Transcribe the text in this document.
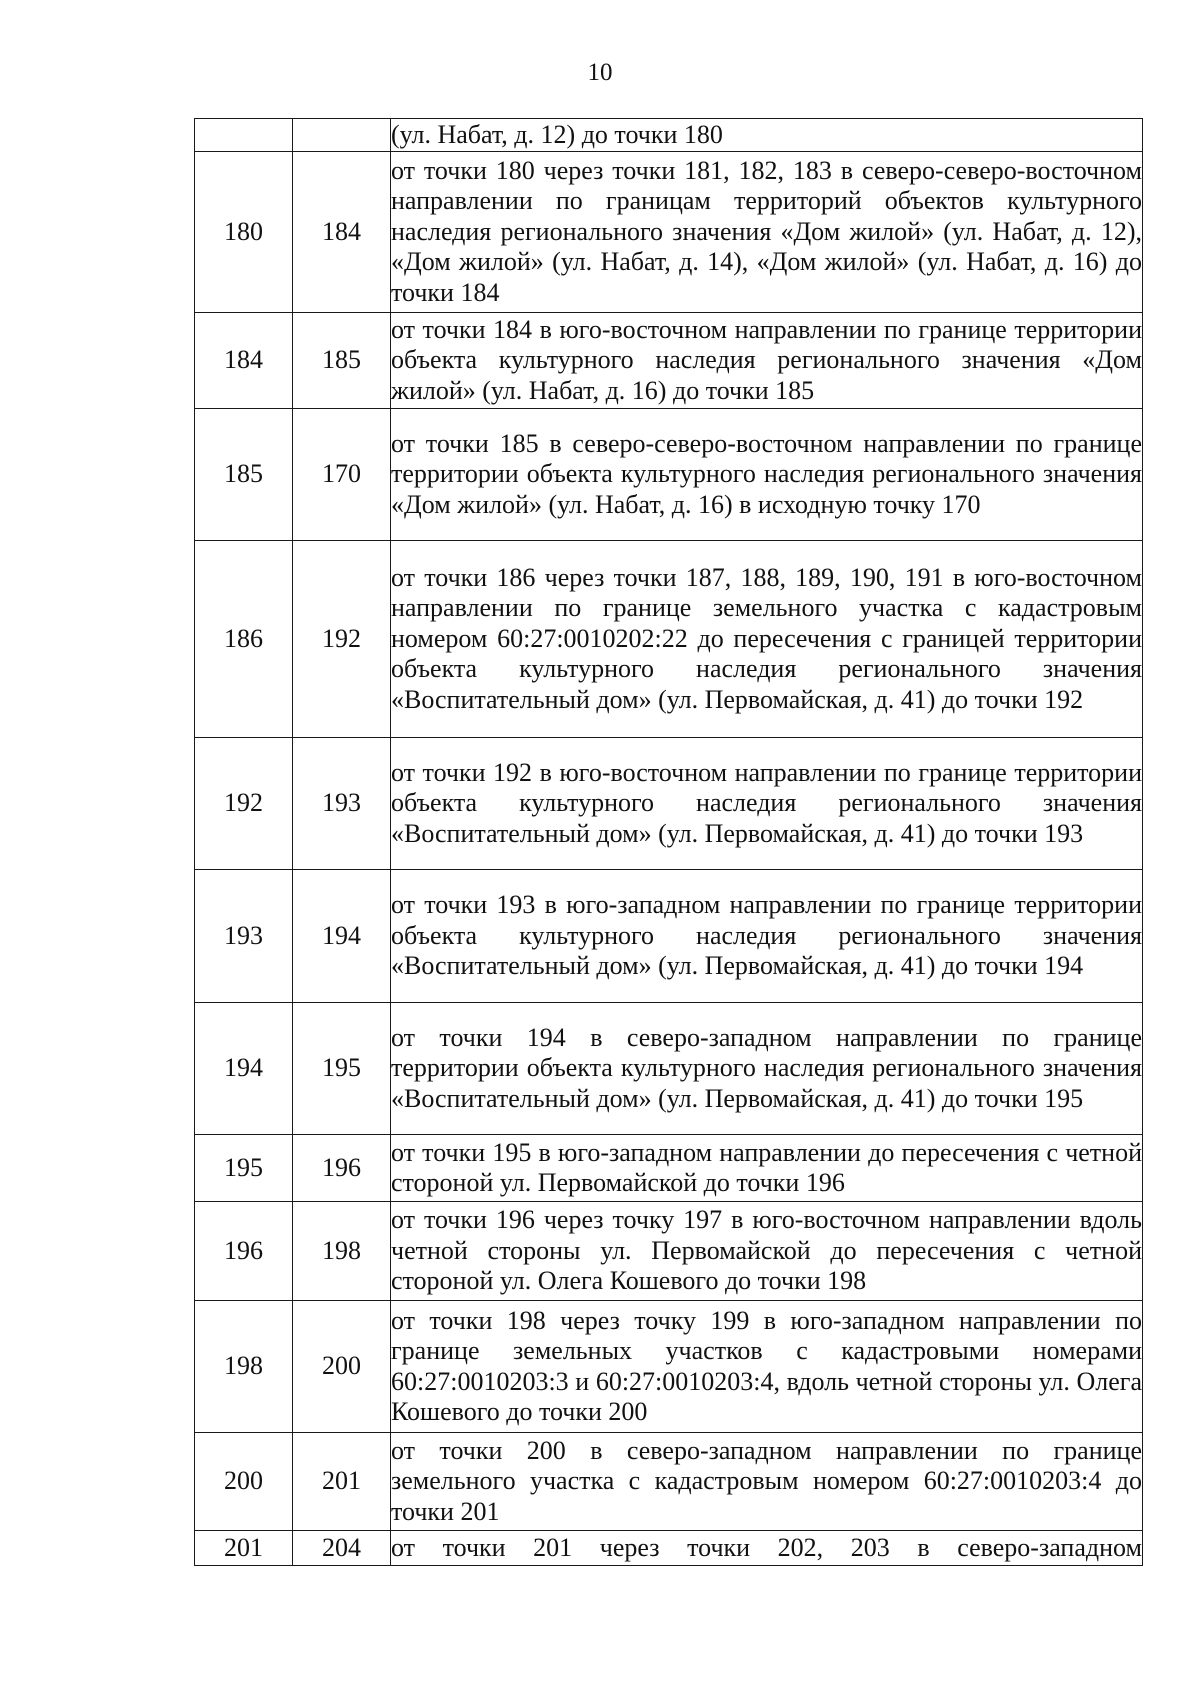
10

		(ул. Набат, д. 12) до точки 180

180	184	от точки 180 через точки 181, 182, 183 в северо-северо-восточном направлении по границам территорий объектов культурного наследия регионального значения «Дом жилой» (ул. Набат, д. 12), «Дом жилой» (ул. Набат, д. 14), «Дом жилой» (ул. Набат, д. 16) до точки 184

184	185	от точки 184 в юго-восточном направлении по границе территории объекта культурного наследия регионального значения «Дом жилой» (ул. Набат, д. 16) до точки 185

185	170	от точки 185 в северо-северо-восточном направлении по границе территории объекта культурного наследия регионального значения «Дом жилой» (ул. Набат, д. 16) в исходную точку 170

186	192	от точки 186 через точки 187, 188, 189, 190, 191 в юго-восточном направлении по границе земельного участка с кадастровым номером 60:27:0010202:22 до пересечения с границей территории объекта культурного наследия регионального значения «Воспитательный дом» (ул. Первомайская, д. 41) до точки 192

192	193	от точки 192 в юго-восточном направлении по границе территории объекта культурного наследия регионального значения «Воспитательный дом» (ул. Первомайская, д. 41) до точки 193

193	194	от точки 193 в юго-западном направлении по границе территории объекта культурного наследия регионального значения «Воспитательный дом» (ул. Первомайская, д. 41) до точки 194

194	195	от точки 194 в северо-западном направлении по границе территории объекта культурного наследия регионального значения «Воспитательный дом» (ул. Первомайская, д. 41) до точки 195

195	196	от точки 195 в юго-западном направлении до пересечения с четной стороной ул. Первомайской до точки 196

196	198	от точки 196 через точку 197 в юго-восточном направлении вдоль четной стороны ул. Первомайской до пересечения с четной стороной ул. Олега Кошевого до точки 198

198	200	от точки 198 через точку 199 в юго-западном направлении по границе земельных участков с кадастровыми номерами 60:27:0010203:3 и 60:27:0010203:4, вдоль четной стороны ул. Олега Кошевого до точки 200

200	201	от точки 200 в северо-западном направлении по границе земельного участка с кадастровым номером 60:27:0010203:4 до точки 201

201	204	от точки 201 через точки 202, 203 в северо-западном
